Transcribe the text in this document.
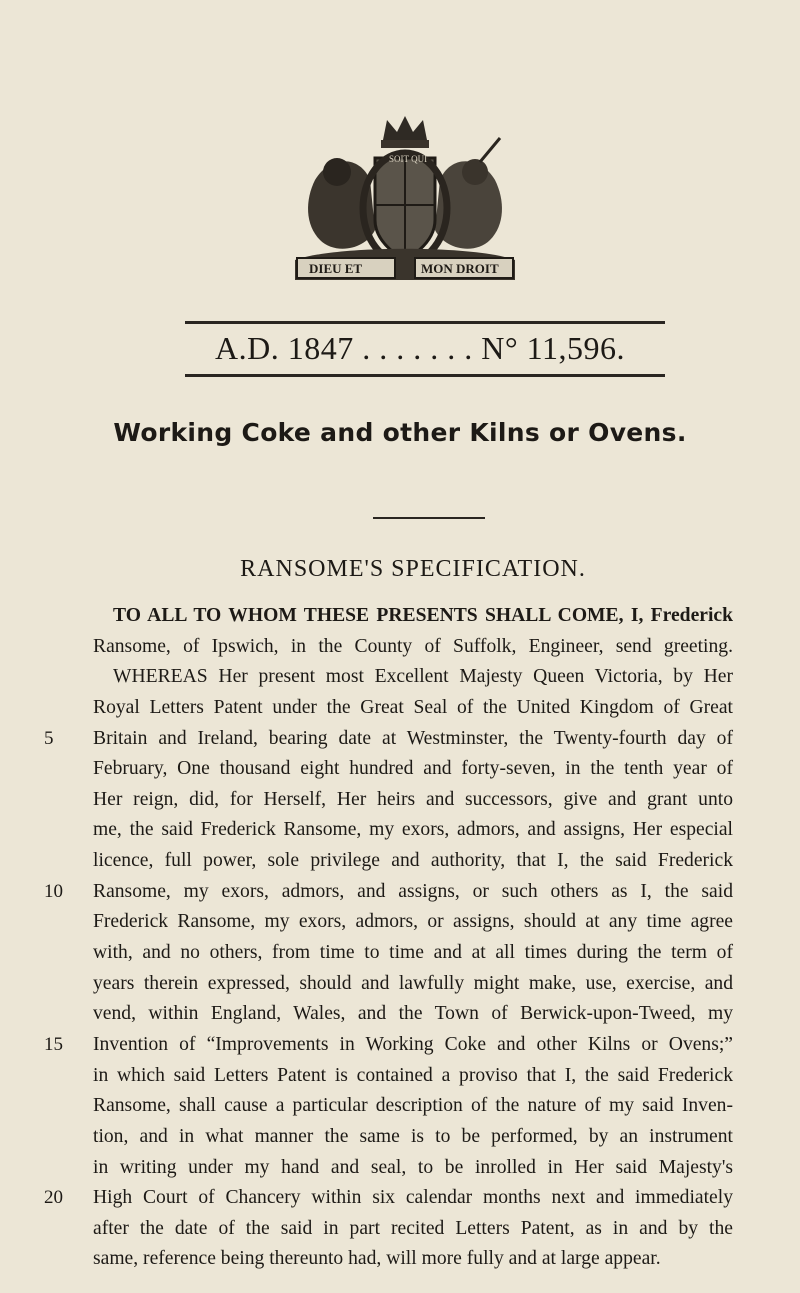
SOIT QUI
DIEU ET	MON DROIT
A.D. 1847 . . . . . . . N° 11,596.
Working Coke and other Kilns or Ovens.
RANSOME'S SPECIFICATION.
TO ALL TO WHOM THESE PRESENTS SHALL COME, I, Frederick
Ransome, of Ipswich, in the County of Suffolk, Engineer, send greeting.
WHEREAS Her present most Excellent Majesty Queen Victoria, by Her
Royal Letters Patent under the Great Seal of the United Kingdom of Great
5	Britain and Ireland, bearing date at Westminster, the Twenty-fourth day of
February, One thousand eight hundred and forty-seven, in the tenth year of
Her reign, did, for Herself, Her heirs and successors, give and grant unto
me, the said Frederick Ransome, my exors, admors, and assigns, Her especial
licence, full power, sole privilege and authority, that I, the said Frederick
10	Ransome, my exors, admors, and assigns, or such others as I, the said
Frederick Ransome, my exors, admors, or assigns, should at any time agree
with, and no others, from time to time and at all times during the term of
years therein expressed, should and lawfully might make, use, exercise, and
vend, within England, Wales, and the Town of Berwick-upon-Tweed, my
15	Invention of “Improvements in Working Coke and other Kilns or Ovens;”
in which said Letters Patent is contained a proviso that I, the said Frederick
Ransome, shall cause a particular description of the nature of my said Inven-
tion, and in what manner the same is to be performed, by an instrument
in writing under my hand and seal, to be inrolled in Her said Majesty's
20	High Court of Chancery within six calendar months next and immediately
after the date of the said in part recited Letters Patent, as in and by the
same, reference being thereunto had, will more fully and at large appear.
